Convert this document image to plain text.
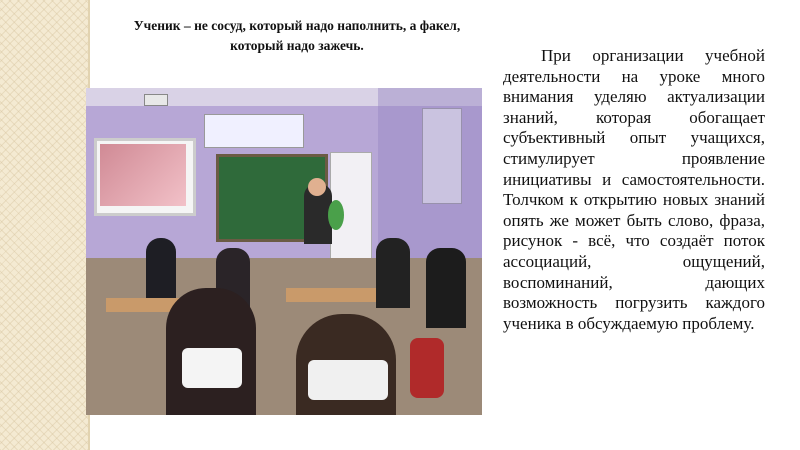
Ученик – не сосуд, который надо наполнить, а факел, который надо зажечь.
При организации учебной деятельности на уроке много внимания уделяю актуализации знаний, которая обогащает субъективный опыт учащихся, стимулирует проявление инициативы и самостоятельности. Толчком к открытию новых знаний опять же может быть слово, фраза, рисунок - всё, что создаёт поток ассоциаций, ощущений, воспоминаний, дающих возможность погрузить каждого ученика в обсуждаемую проблему.
